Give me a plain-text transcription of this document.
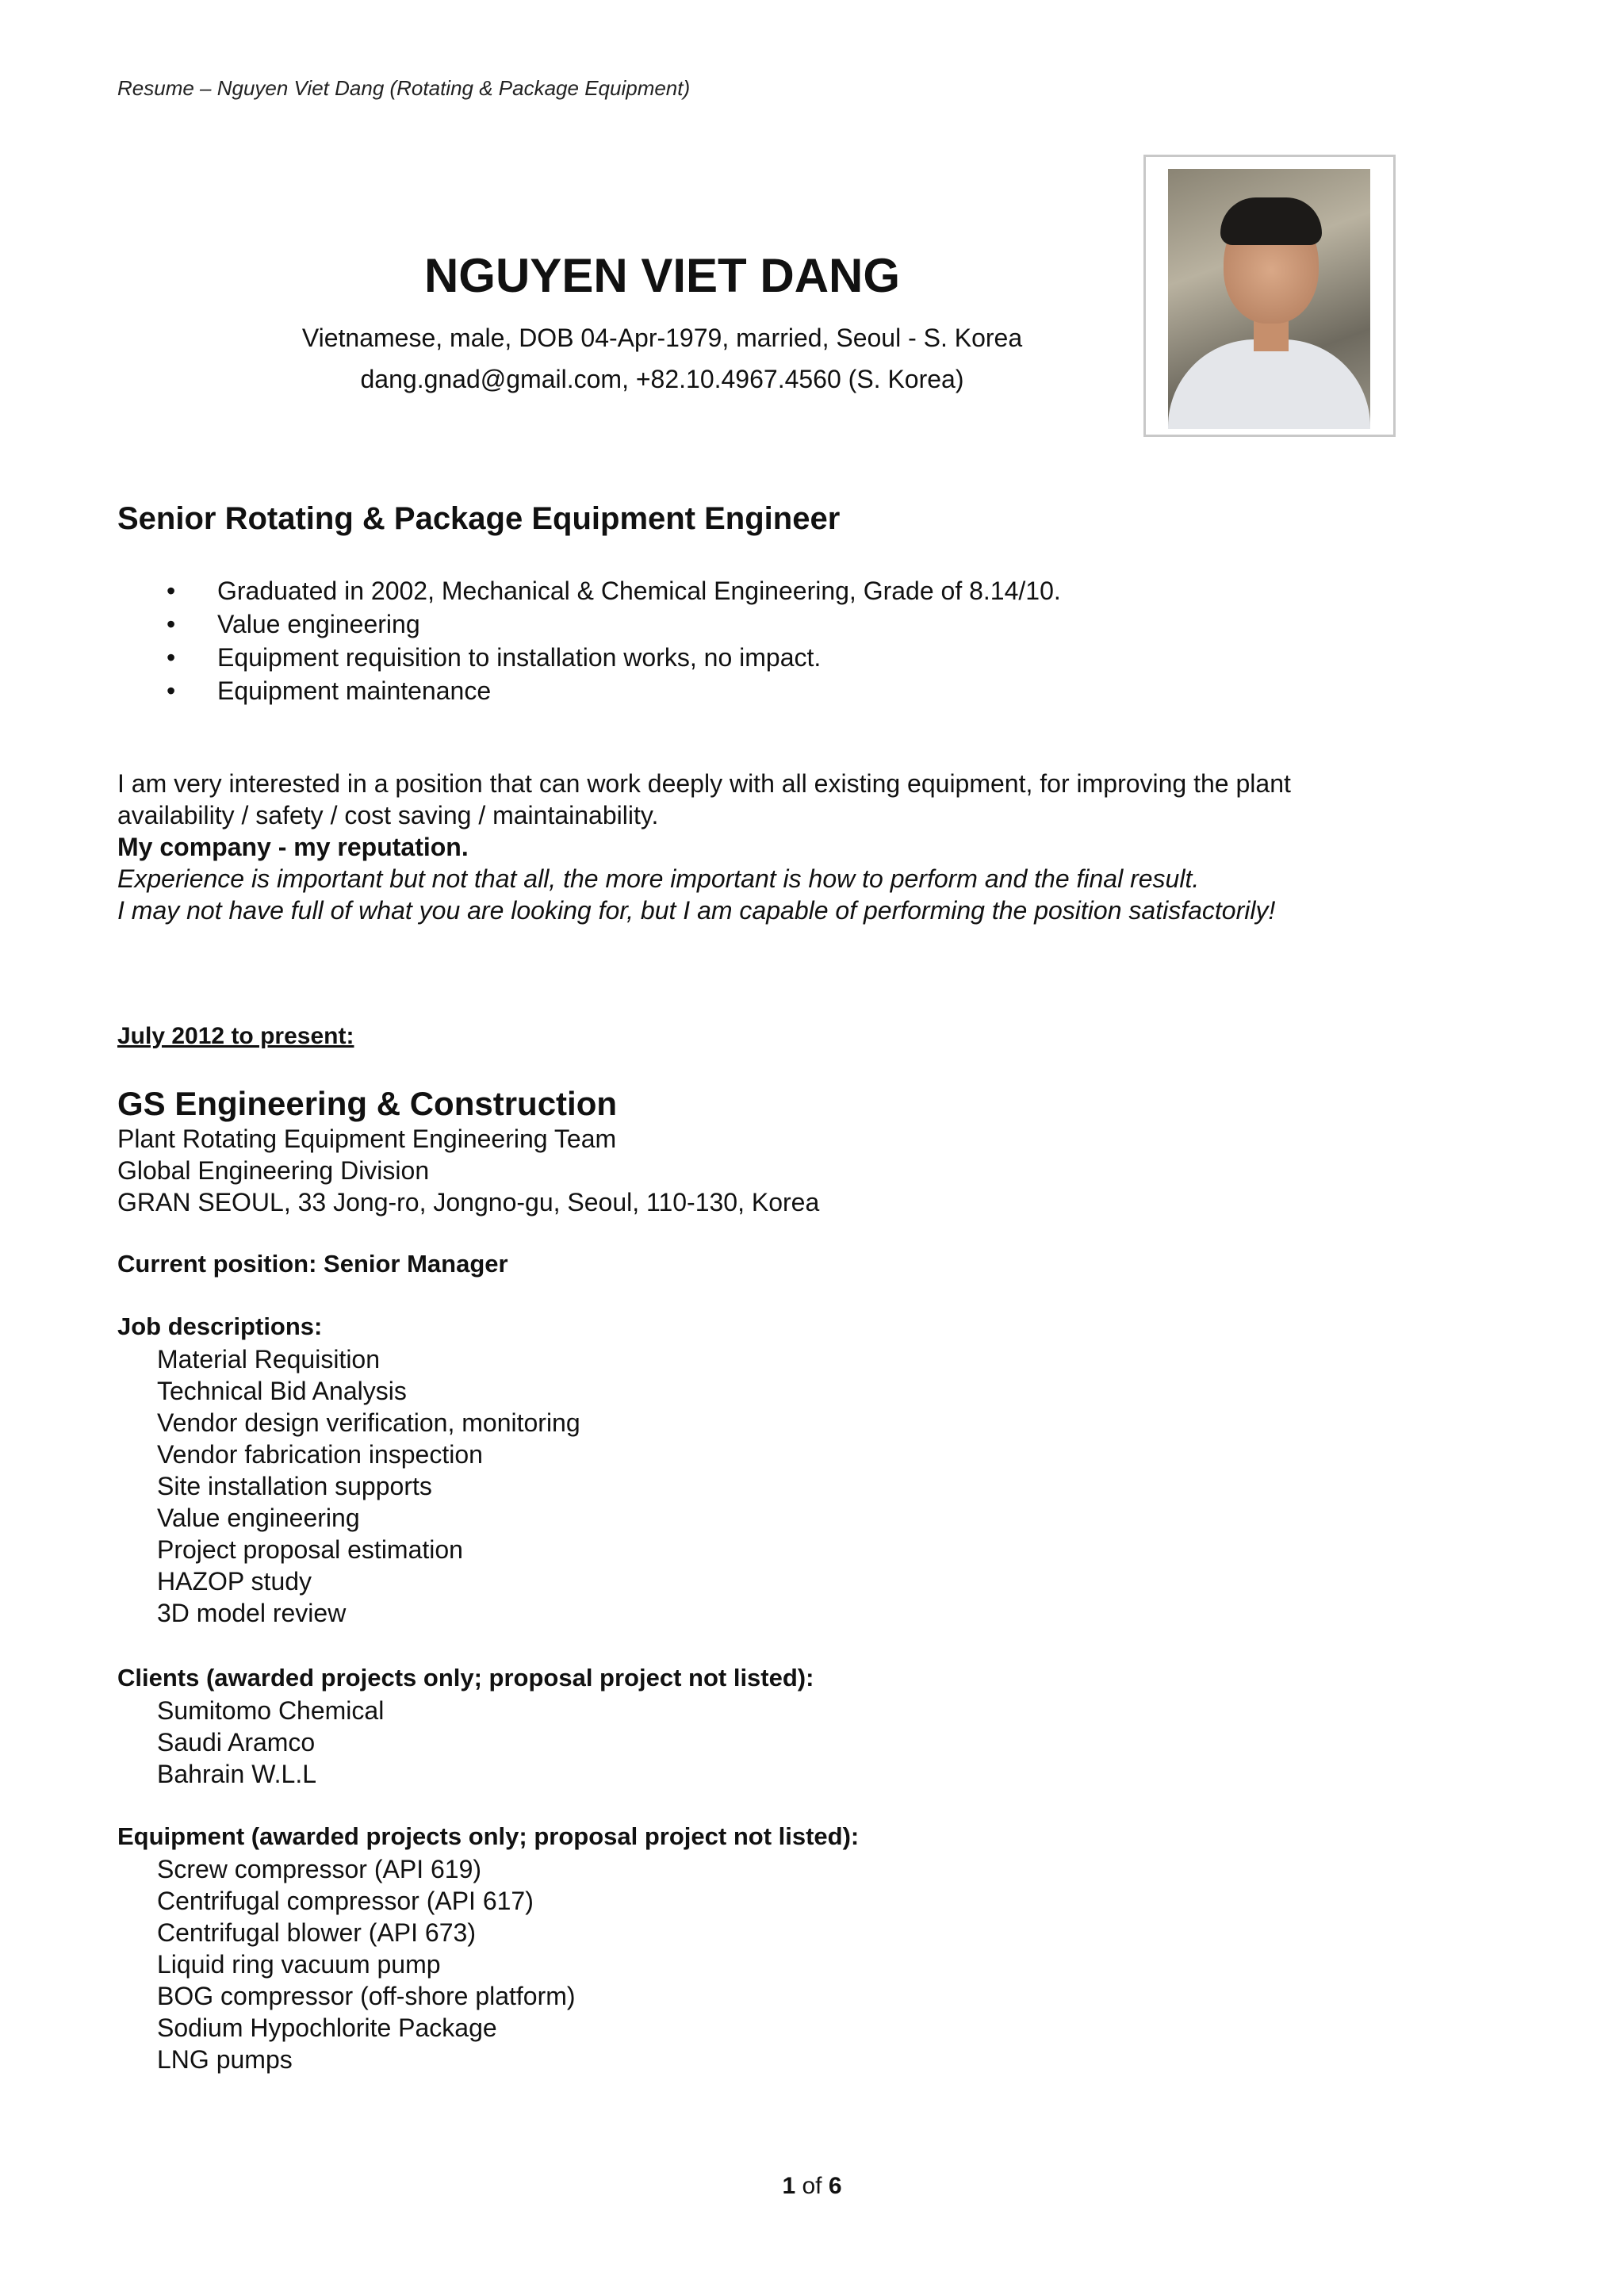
Resume – Nguyen Viet Dang (Rotating & Package Equipment)
NGUYEN VIET DANG
Vietnamese, male, DOB 04-Apr-1979, married, Seoul - S. Korea
dang.gnad@gmail.com, +82.10.4967.4560 (S. Korea)
Senior Rotating & Package Equipment Engineer
• Graduated in 2002, Mechanical & Chemical Engineering, Grade of 8.14/10.
• Value engineering
• Equipment requisition to installation works, no impact.
• Equipment maintenance
I am very interested in a position that can work deeply with all existing equipment, for improving the plant
availability / safety / cost saving / maintainability.
My company - my reputation.
Experience is important but not that all, the more important is how to perform and the final result.
I may not have full of what you are looking for, but I am capable of performing the position satisfactorily!
July 2012 to present:
GS Engineering & Construction
Plant Rotating Equipment Engineering Team
Global Engineering Division
GRAN SEOUL, 33 Jong-ro, Jongno-gu, Seoul, 110-130, Korea
Current position: Senior Manager
Job descriptions:
Material Requisition
Technical Bid Analysis
Vendor design verification, monitoring
Vendor fabrication inspection
Site installation supports
Value engineering
Project proposal estimation
HAZOP study
3D model review
Clients (awarded projects only; proposal project not listed):
Sumitomo Chemical
Saudi Aramco
Bahrain W.L.L
Equipment (awarded projects only; proposal project not listed):
Screw compressor (API 619)
Centrifugal compressor (API 617)
Centrifugal blower (API 673)
Liquid ring vacuum pump
BOG compressor (off-shore platform)
Sodium Hypochlorite Package
LNG pumps
1 of 6
